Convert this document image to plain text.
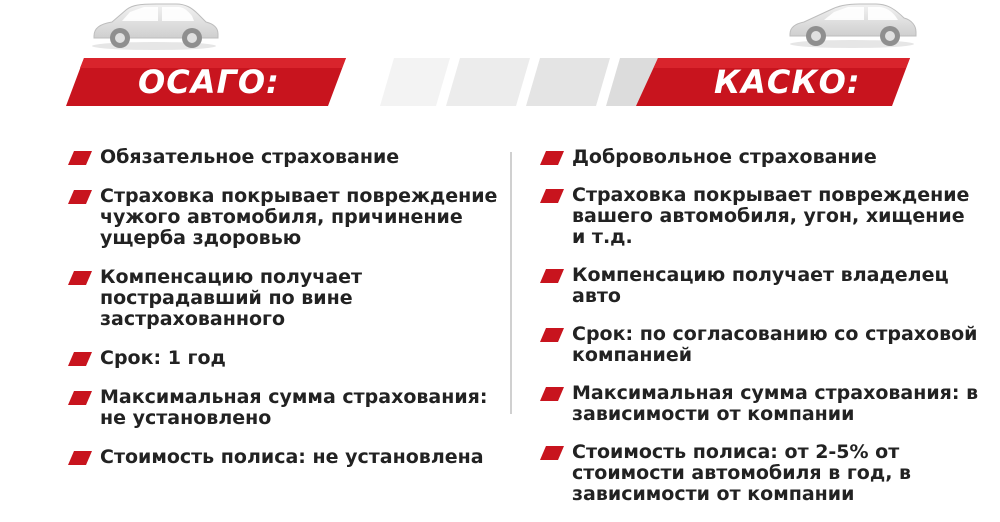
ОСАГО:	КАСКО:
Обязательное страхование
Страховка покрывает повреждение чужого автомобиля, причинение ущерба здоровью
Компенсацию получает пострадавший по вине застрахованного
Срок: 1 год
Максимальная сумма страхования: не установлено
Стоимость полиса: не установлена
Добровольное страхование
Страховка покрывает повреждение вашего автомобиля, угон, хищение и т.д.
Компенсацию получает владелец авто
Срок: по согласованию со страховой компанией
Максимальная сумма страхования: в зависимости от компании
Стоимость полиса: от 2-5% от стоимости автомобиля в год, в зависимости от компании
